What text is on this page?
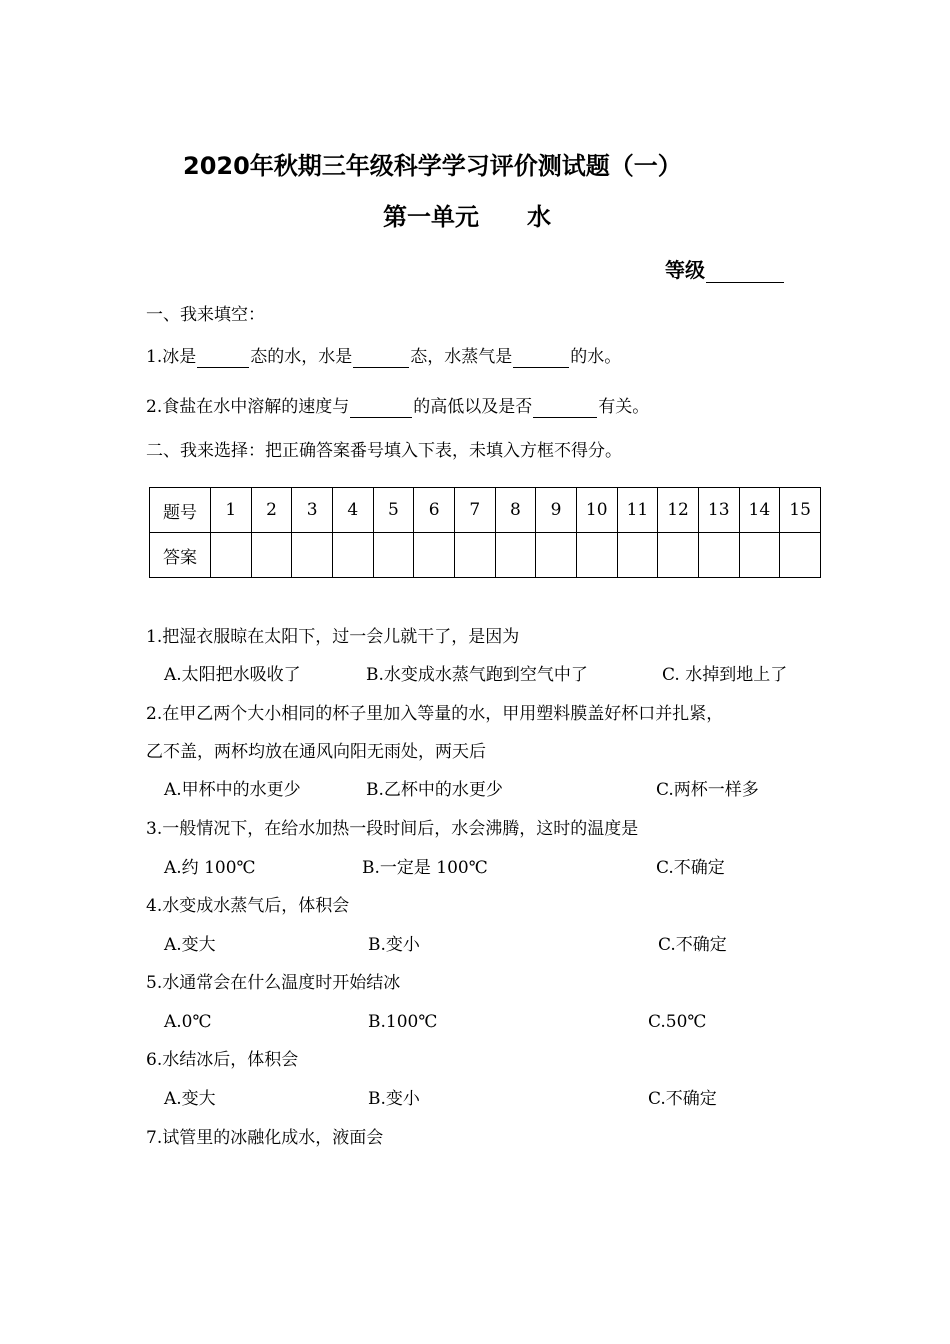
2020年秋期三年级科学学习评价测试题（一）
第一单元 水
等级
一、我来填空：
1.冰是	态的水，水是	态，水蒸气是	的水。
2.食盐在水中溶解的速度与	的高低以及是否	有关。
二、我来选择：把正确答案番号填入下表，未填入方框不得分。
题号	1	2	3	4	5	6	7	8	9	10	11	12	13	14	15
答案															
1.把湿衣服晾在太阳下，过一会儿就干了，是因为
A.太阳把水吸收了	B.水变成水蒸气跑到空气中了	C. 水掉到地上了
2.在甲乙两个大小相同的杯子里加入等量的水，甲用塑料膜盖好杯口并扎紧，
乙不盖，两杯均放在通风向阳无雨处，两天后
A.甲杯中的水更少	B.乙杯中的水更少	C.两杯一样多
3.一般情况下，在给水加热一段时间后，水会沸腾，这时的温度是
A.约 100℃	B.一定是 100℃	C.不确定
4.水变成水蒸气后，体积会
A.变大	B.变小	C.不确定
5.水通常会在什么温度时开始结冰
A.0℃	B.100℃	C.50℃
6.水结冰后，体积会
A.变大	B.变小	C.不确定
7.试管里的冰融化成水，液面会
